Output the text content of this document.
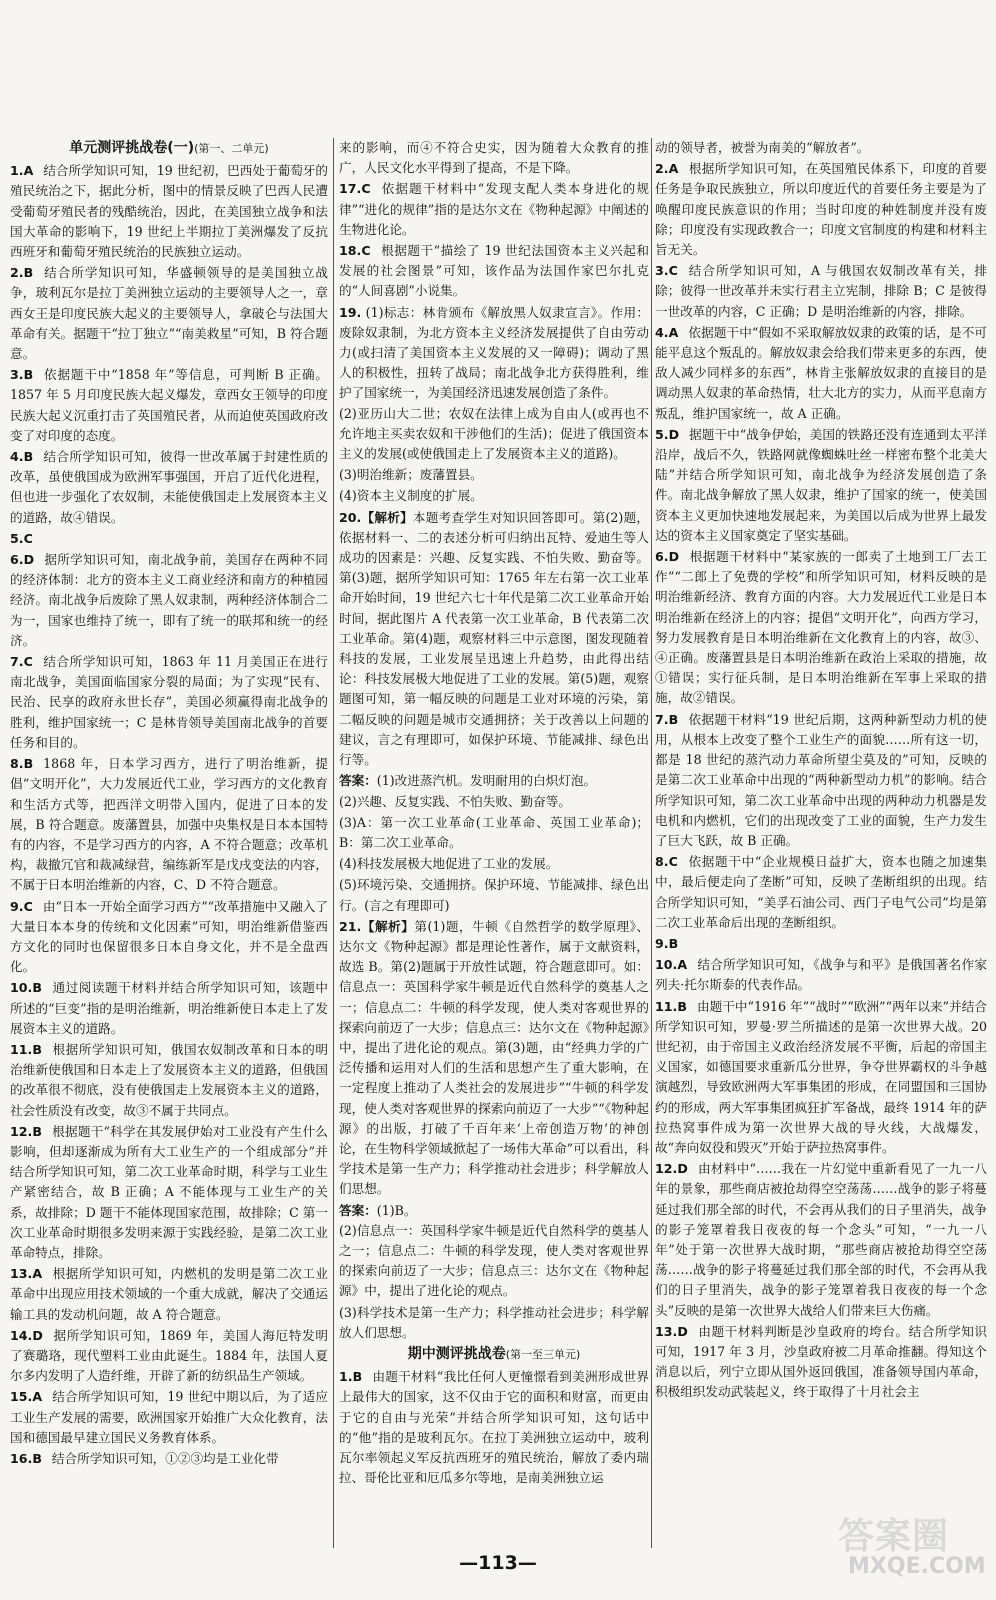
单元测评挑战卷(一)(第一、二单元)
1.A 结合所学知识可知，19 世纪初，巴西处于葡萄牙的殖民统治之下，据此分析，图中的情景反映了巴西人民遭受葡萄牙殖民者的残酷统治，因此，在美国独立战争和法国大革命的影响下，19 世纪上半期拉丁美洲爆发了反抗西班牙和葡萄牙殖民统治的民族独立运动。
2.B 结合所学知识可知，华盛顿领导的是美国独立战争，玻利瓦尔是拉丁美洲独立运动的主要领导人之一，章西女王是印度民族大起义的主要领导人，拿破仑与法国大革命有关。据题干“拉丁独立”“南美救星”可知，B 符合题意。
3.B 依据题干中“1858 年”等信息，可判断 B 正确。1857 年 5 月印度民族大起义爆发，章西女王领导的印度民族大起义沉重打击了英国殖民者，从而迫使英国政府改变了对印度的态度。
4.B 结合所学知识可知，彼得一世改革属于封建性质的改革，虽使俄国成为欧洲军事强国，开启了近代化进程，但也进一步强化了农奴制，未能使俄国走上发展资本主义的道路，故④错误。
5.C
6.D 据所学知识可知，南北战争前，美国存在两种不同的经济体制：北方的资本主义工商业经济和南方的种植园经济。南北战争后废除了黑人奴隶制，两种经济体制合二为一，国家也维持了统一，即有了统一的联邦和统一的经济。
7.C 结合所学知识可知，1863 年 11 月美国正在进行南北战争，美国面临国家分裂的局面；为了实现“民有、民治、民享的政府永世长存”，美国必须赢得南北战争的胜利，维护国家统一；C 是林肯领导美国南北战争的首要任务和目的。
8.B 1868 年，日本学习西方，进行了明治维新，提倡“文明开化”，大力发展近代工业，学习西方的文化教育和生活方式等，把西洋文明带入国内，促进了日本的发展，B 符合题意。废藩置县，加强中央集权是日本本国特有的内容，不是学习西方的内容，A 不符合题意；改革机构，裁撤冗官和裁减绿营，编练新军是戊戌变法的内容，不属于日本明治维新的内容，C、D 不符合题意。
9.C 由“日本一开始全面学习西方”“改革措施中又融入了大量日本本身的传统和文化因素”可知，明治维新借鉴西方文化的同时也保留很多日本自身文化，并不是全盘西化。
10.B 通过阅读题干材料并结合所学知识可知，该题中所述的“巨变”指的是明治维新，明治维新使日本走上了发展资本主义的道路。
11.B 根据所学知识可知，俄国农奴制改革和日本的明治维新使俄国和日本走上了发展资本主义的道路，但俄国的改革很不彻底，没有使俄国走上发展资本主义的道路，社会性质没有改变，故③不属于共同点。
12.B 根据题干“科学在其发展伊始对工业没有产生什么影响，但却逐渐成为所有大工业生产的一个组成部分”并结合所学知识可知，第二次工业革命时期，科学与工业生产紧密结合，故 B 正确；A 不能体现与工业生产的关系，故排除；D 题干不能体现国家范围，故排除；C 第一次工业革命时期很多发明来源于实践经验，是第二次工业革命特点，排除。
13.A 根据所学知识可知，内燃机的发明是第二次工业革命中出现应用技术领域的一个重大成就，解决了交通运输工具的发动机问题，故 A 符合题意。
14.D 据所学知识可知，1869 年，美国人海厄特发明了赛璐珞，现代塑料工业由此诞生。1884 年，法国人夏尔多内发明了人造纤维，开辟了新的纺织品生产领域。
15.A 结合所学知识可知，19 世纪中期以后，为了适应工业生产发展的需要，欧洲国家开始推广大众化教育，法国和德国最早建立国民义务教育体系。
16.B 结合所学知识可知，①②③均是工业化带
来的影响，而④不符合史实，因为随着大众教育的推广，人民文化水平得到了提高，不是下降。
17.C 依据题干材料中“发现支配人类本身进化的规律”“进化的规律”指的是达尔文在《物种起源》中阐述的生物进化论。
18.C 根据题干“描绘了 19 世纪法国资本主义兴起和发展的社会图景”可知，该作品为法国作家巴尔扎克的“人间喜剧”小说集。
19. (1)标志：林肯颁布《解放黑人奴隶宣言》。作用：废除奴隶制，为北方资本主义经济发展提供了自由劳动力(或扫清了美国资本主义发展的又一障碍)；调动了黑人的积极性，扭转了战局；南北战争北方获得胜利，维护了国家统一，为美国经济迅速发展创造了条件。
(2)亚历山大二世；农奴在法律上成为自由人(或再也不允许地主买卖农奴和干涉他们的生活)；促进了俄国资本主义的发展(或使俄国走上了发展资本主义的道路)。
(3)明治维新；废藩置县。
(4)资本主义制度的扩展。
20.【解析】本题考查学生对知识回答即可。第(2)题，依据材料一、二的表述分析可归纳出瓦特、爱迪生等人成功的因素是：兴趣、反复实践、不怕失败、勤奋等。第(3)题，据所学知识可知：1765 年左右第一次工业革命开始时间，19 世纪六七十年代是第二次工业革命开始时间，据此图片 A 代表第一次工业革命，B 代表第二次工业革命。第(4)题，观察材料三中示意图，图发现随着科技的发展，工业发展呈迅速上升趋势，由此得出结论：科技发展极大地促进了工业的发展。第(5)题，观察题图可知，第一幅反映的问题是工业对环境的污染，第二幅反映的问题是城市交通拥挤；关于改善以上问题的建议，言之有理即可，如保护环境、节能减排、绿色出行等。
答案：(1)改进蒸汽机。发明耐用的白炽灯泡。
(2)兴趣、反复实践、不怕失败、勤奋等。
(3)A：第一次工业革命(工业革命、英国工业革命)；B：第二次工业革命。
(4)科技发展极大地促进了工业的发展。
(5)环境污染、交通拥挤。保护环境、节能减排、绿色出行。(言之有理即可)
21.【解析】第(1)题，牛顿《自然哲学的数学原理》、达尔文《物种起源》都是理论性著作，属于文献资料，故选 B。第(2)题属于开放性试题，符合题意即可。如：信息点一：英国科学家牛顿是近代自然科学的奠基人之一；信息点二：牛顿的科学发现，使人类对客观世界的探索向前迈了一大步；信息点三：达尔文在《物种起源》中，提出了进化论的观点。第(3)题，由“经典力学的广泛传播和运用对人们的生活和思想产生了重大影响，在一定程度上推动了人类社会的发展进步”“牛顿的科学发现，使人类对客观世界的探索向前迈了一大步”“《物种起源》的出版，打破了千百年来‘上帝创造万物’的神创论，在生物科学领域掀起了一场伟大革命”可以看出，科学技术是第一生产力；科学推动社会进步；科学解放人们思想。
答案：(1)B。
(2)信息点一：英国科学家牛顿是近代自然科学的奠基人之一；信息点二：牛顿的科学发现，使人类对客观世界的探索向前迈了一大步；信息点三：达尔文在《物种起源》中，提出了进化论的观点。
(3)科学技术是第一生产力；科学推动社会进步；科学解放人们思想。
期中测评挑战卷(第一至三单元)
1.B 由题干材料“我比任何人更憧憬看到美洲形成世界上最伟大的国家，这不仅由于它的面积和财富，而更由于它的自由与光荣”并结合所学知识可知，这句话中的“他”指的是玻利瓦尔。在拉丁美洲独立运动中，玻利瓦尔率领起义军反抗西班牙的殖民统治，解放了委内瑞拉、哥伦比亚和厄瓜多尔等地，是南美洲独立运
动的领导者，被誉为南美的“解放者”。
2.A 根据所学知识可知，在英国殖民体系下，印度的首要任务是争取民族独立，所以印度近代的首要任务主要是为了唤醒印度民族意识的作用；当时印度的种姓制度并没有废除；印度没有实现政教合一；印度文官制度的构建和材料主旨无关。
3.C 结合所学知识可知，A 与俄国农奴制改革有关，排除；彼得一世改革并未实行君主立宪制，排除 B；C 是彼得一世改革的内容，C 正确；D 是明治维新的内容，排除。
4.A 依据题干中“假如不采取解放奴隶的政策的话，是不可能平息这个叛乱的。解放奴隶会给我们带来更多的东西，使敌人减少同样多的东西”，林肯主张解放奴隶的直接目的是调动黑人奴隶的革命热情，壮大北方的实力，从而平息南方叛乱，维护国家统一，故 A 正确。
5.D 据题干中“战争伊始，美国的铁路还没有连通到太平洋沿岸，战后不久，铁路网就像蜘蛛吐丝一样密布整个北美大陆”并结合所学知识可知，南北战争为经济发展创造了条件。南北战争解放了黑人奴隶，维护了国家的统一，使美国资本主义更加快速地发展起来，为美国以后成为世界上最发达的资本主义国家奠定了坚实基础。
6.D 根据题干材料中“某家族的一郎卖了土地到工厂去工作”“二郎上了免费的学校”和所学知识可知，材料反映的是明治维新经济、教育方面的内容。大力发展近代工业是日本明治维新在经济上的内容；提倡“文明开化”，向西方学习，努力发展教育是日本明治维新在文化教育上的内容，故③、④正确。废藩置县是日本明治维新在政治上采取的措施，故①错误；实行征兵制，是日本明治维新在军事上采取的措施，故②错误。
7.B 依据题干材料“19 世纪后期，这两种新型动力机的使用，从根本上改变了整个工业生产的面貌……所有这一切，都是 18 世纪的蒸汽动力革命所望尘莫及的”可知，反映的是第二次工业革命中出现的“两种新型动力机”的影响。结合所学知识可知，第二次工业革命中出现的两种动力机器是发电机和内燃机，它们的出现改变了工业的面貌，生产力发生了巨大飞跃，故 B 正确。
8.C 依据题干中“企业规模日益扩大，资本也随之加速集中，最后便走向了垄断”可知，反映了垄断组织的出现。结合所学知识可知，“美孚石油公司、西门子电气公司”均是第二次工业革命后出现的垄断组织。
9.B
10.A 结合所学知识可知，《战争与和平》是俄国著名作家列夫·托尔斯泰的代表作品。
11.B 由题干中“1916 年”“战时”“欧洲”“两年以来”并结合所学知识可知，罗曼·罗兰所描述的是第一次世界大战。20 世纪初，由于帝国主义政治经济发展不平衡，后起的帝国主义国家，如德国要求重新瓜分世界，争夺世界霸权的斗争越演越烈，导致欧洲两大军事集团的形成，在同盟国和三国协约的形成，两大军事集团疯狂扩军备战，最终 1914 年的萨拉热窝事件成为第一次世界大战的导火线，大战爆发，故“奔向奴役和毁灭”开始于萨拉热窝事件。
12.D 由材料中“……我在一片幻觉中重新看见了一九一八年的景象，那些商店被抢劫得空空荡荡……战争的影子将蔓延过我们那全部的时代，不会再从我们的日子里消失，战争的影子笼罩着我日夜夜的每一个念头”可知，“一九一八年”处于第一次世界大战时期，“那些商店被抢劫得空空荡荡……战争的影子将蔓延过我们那全部的时代，不会再从我们的日子里消失，战争的影子笼罩着我日夜夜的每一个念头”反映的是第一次世界大战给人们带来巨大伤痛。
13.D 由题干材料判断是沙皇政府的垮台。结合所学知识可知，1917 年 3 月，沙皇政府被二月革命推翻。得知这个消息以后，列宁立即从国外返回俄国，准备领导国内革命，积极组织发动武装起义，终于取得了十月社会主
—113—
答案圈
MXQE.COM
